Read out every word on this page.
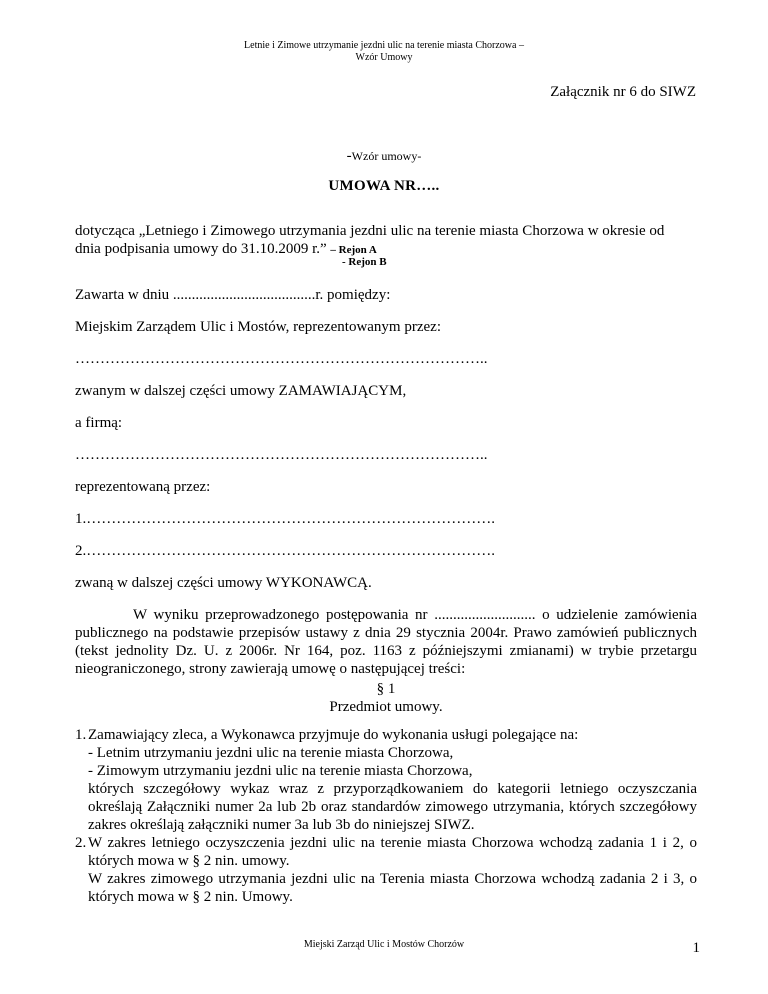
Letnie i Zimowe utrzymanie jezdni ulic na terenie miasta Chorzowa –
Wzór Umowy
Załącznik nr 6 do SIWZ
-Wzór umowy-
UMOWA NR…..
dotycząca „Letniego i Zimowego utrzymania jezdni ulic na terenie miasta Chorzowa w okresie od
dnia podpisania umowy do 31.10.2009 r.” – Rejon A
- Rejon B
Zawarta w dniu ......................................r. pomiędzy:
Miejskim Zarządem Ulic i Mostów, reprezentowanym przez:
………………………………………………………………………..
zwanym w dalszej części umowy ZAMAWIAJĄCYM,
a firmą:
………………………………………………………………………..
reprezentowaną przez:
1.……………………………………………………………………….
2.……………………………………………………………………….
zwaną w dalszej części umowy WYKONAWCĄ.
W wyniku przeprowadzonego postępowania nr ........................... o udzielenie zamówienia publicznego na podstawie przepisów ustawy z dnia 29 stycznia 2004r. Prawo zamówień publicznych (tekst jednolity Dz. U. z 2006r. Nr 164, poz. 1163 z późniejszymi zmianami) w trybie przetargu nieograniczonego, strony zawierają umowę o następującej treści:
§ 1
Przedmiot umowy.
1. Zamawiający zleca, a Wykonawca przyjmuje do wykonania usługi polegające na:
- Letnim utrzymaniu jezdni ulic na terenie miasta Chorzowa,
- Zimowym utrzymaniu jezdni ulic na terenie miasta Chorzowa,
których szczegółowy wykaz wraz z przyporządkowaniem do kategorii letniego oczyszczania określają Załączniki numer 2a lub 2b oraz standardów zimowego utrzymania, których szczegółowy zakres określają załączniki numer 3a lub 3b do niniejszej SIWZ.
2. W zakres letniego oczyszczenia jezdni ulic na terenie miasta Chorzowa wchodzą zadania 1 i 2, o których mowa w § 2 nin. umowy.
W zakres zimowego utrzymania jezdni ulic na Terenia miasta Chorzowa wchodzą zadania 2 i 3, o których mowa w § 2 nin. Umowy.
Miejski Zarząd Ulic i Mostów Chorzów	1
